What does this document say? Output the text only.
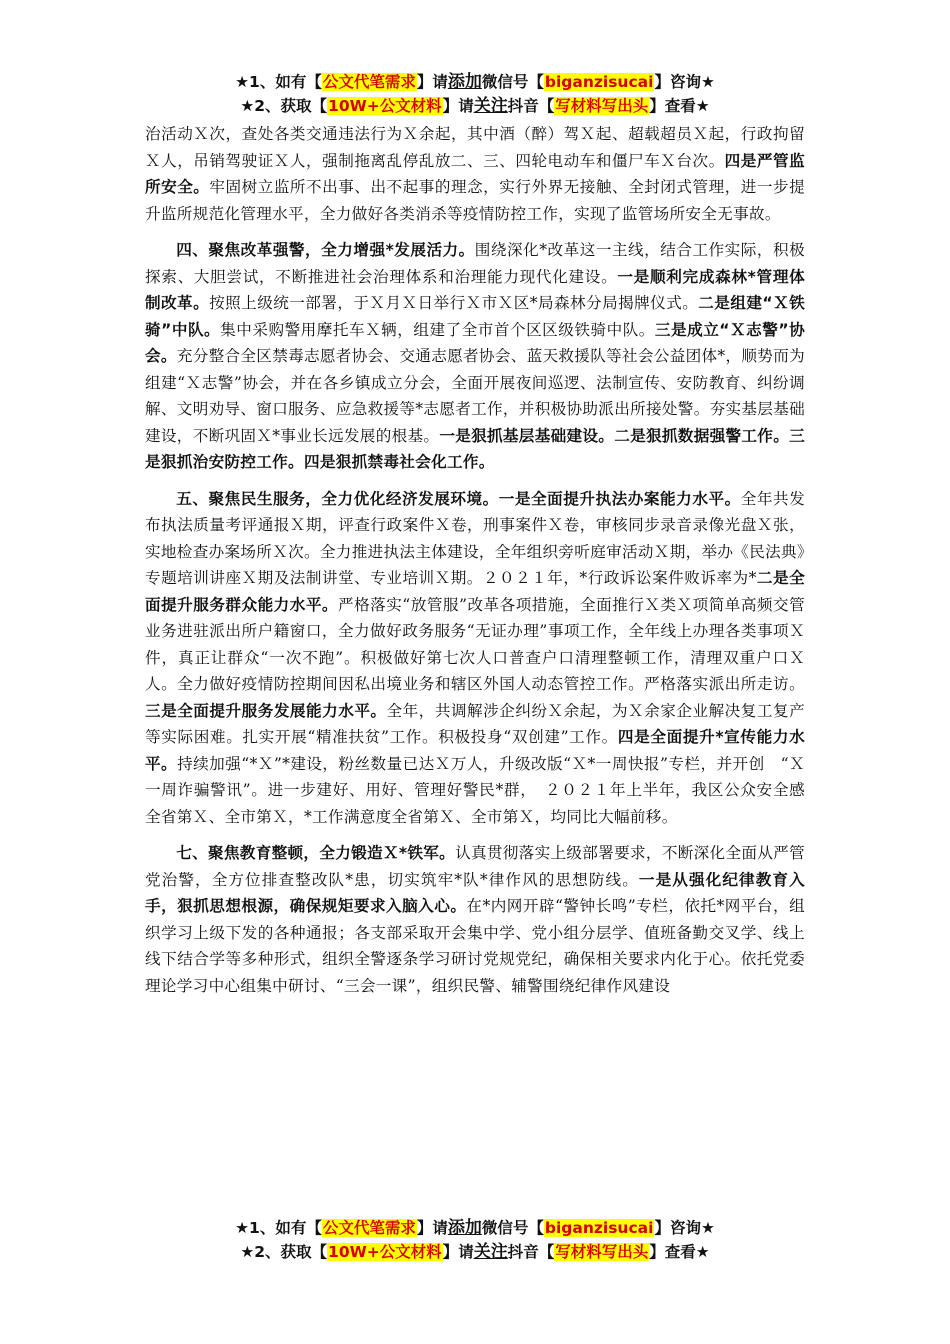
★1、如有【公文代笔需求】请添加微信号【biganzisucai】咨询★
★2、获取【10W+公文材料】请关注抖音【写材料写出头】查看★

治活动Ｘ次，查处各类交通违法行为Ｘ余起，其中酒（醉）驾Ｘ起、超载超员Ｘ起，行政拘留Ｘ人，吊销驾驶证Ｘ人，强制拖离乱停乱放二、三、四轮电动车和僵尸车Ｘ台次。四是严管监所安全。牢固树立监所不出事、出不起事的理念，实行外界无接触、全封闭式管理，进一步提升监所规范化管理水平，全力做好各类消杀等疫情防控工作，实现了监管场所安全无事故。

四、聚焦改革强警，全力增强*发展活力。围绕深化*改革这一主线，结合工作实际，积极探索、大胆尝试，不断推进社会治理体系和治理能力现代化建设。一是顺利完成森林*管理体制改革。按照上级统一部署，于Ｘ月Ｘ日举行Ｘ市Ｘ区*局森林分局揭牌仪式。二是组建“Ｘ铁骑”中队。集中采购警用摩托车Ｘ辆，组建了全市首个区区级铁骑中队。三是成立“Ｘ志警”协会。充分整合全区禁毒志愿者协会、交通志愿者协会、蓝天救援队等社会公益团体*，顺势而为组建“Ｘ志警”协会，并在各乡镇成立分会，全面开展夜间巡逻、法制宣传、安防教育、纠纷调解、文明劝导、窗口服务、应急救援等*志愿者工作，并积极协助派出所接处警。夯实基层基础建设，不断巩固Ｘ*事业长远发展的根基。一是狠抓基层基础建设。二是狠抓数据强警工作。三是狠抓治安防控工作。四是狠抓禁毒社会化工作。

五、聚焦民生服务，全力优化经济发展环境。一是全面提升执法办案能力水平。全年共发布执法质量考评通报Ｘ期，评查行政案件Ｘ卷，刑事案件Ｘ卷，审核同步录音录像光盘Ｘ张，实地检查办案场所Ｘ次。全力推进执法主体建设，全年组织旁听庭审活动Ｘ期，举办《民法典》专题培训讲座Ｘ期及法制讲堂、专业培训Ｘ期。２０２１年，*行政诉讼案件败诉率为*二是全面提升服务群众能力水平。严格落实“放管服”改革各项措施，全面推行Ｘ类Ｘ项简单高频交管业务进驻派出所户籍窗口，全力做好政务服务“无证办理”事项工作，全年线上办理各类事项Ｘ件，真正让群众“一次不跑”。积极做好第七次人口普查户口清理整顿工作，清理双重户口Ｘ人。全力做好疫情防控期间因私出境业务和辖区外国人动态管控工作。严格落实派出所走访。三是全面提升服务发展能力水平。全年，共调解涉企纠纷Ｘ余起，为Ｘ余家企业解决复工复产等实际困难。扎实开展“精准扶贫”工作。积极投身“双创建”工作。四是全面提升*宣传能力水平。持续加强“*Ｘ”*建设，粉丝数量已达Ｘ万人，升级改版“Ｘ*一周快报”专栏，并开创　“Ｘ一周诈骗警讯”。进一步建好、用好、管理好警民*群，　２０２１年上半年，我区公众安全感全省第Ｘ、全市第Ｘ，*工作满意度全省第Ｘ、全市第Ｘ，均同比大幅前移。

七、聚焦教育整顿，全力锻造Ｘ*铁军。认真贯彻落实上级部署要求，不断深化全面从严管党治警，全方位排查整改队*患，切实筑牢*队*律作风的思想防线。一是从强化纪律教育入手，狠抓思想根源，确保规矩要求入脑入心。在*内网开辟“警钟长鸣”专栏，依托*网平台，组织学习上级下发的各种通报；各支部采取开会集中学、党小组分层学、值班备勤交叉学、线上线下结合学等多种形式，组织全警逐条学习研讨党规党纪，确保相关要求内化于心。依托党委理论学习中心组集中研讨、“三会一课”，组织民警、辅警围绕纪律作风建设

★1、如有【公文代笔需求】请添加微信号【biganzisucai】咨询★
★2、获取【10W+公文材料】请关注抖音【写材料写出头】查看★
